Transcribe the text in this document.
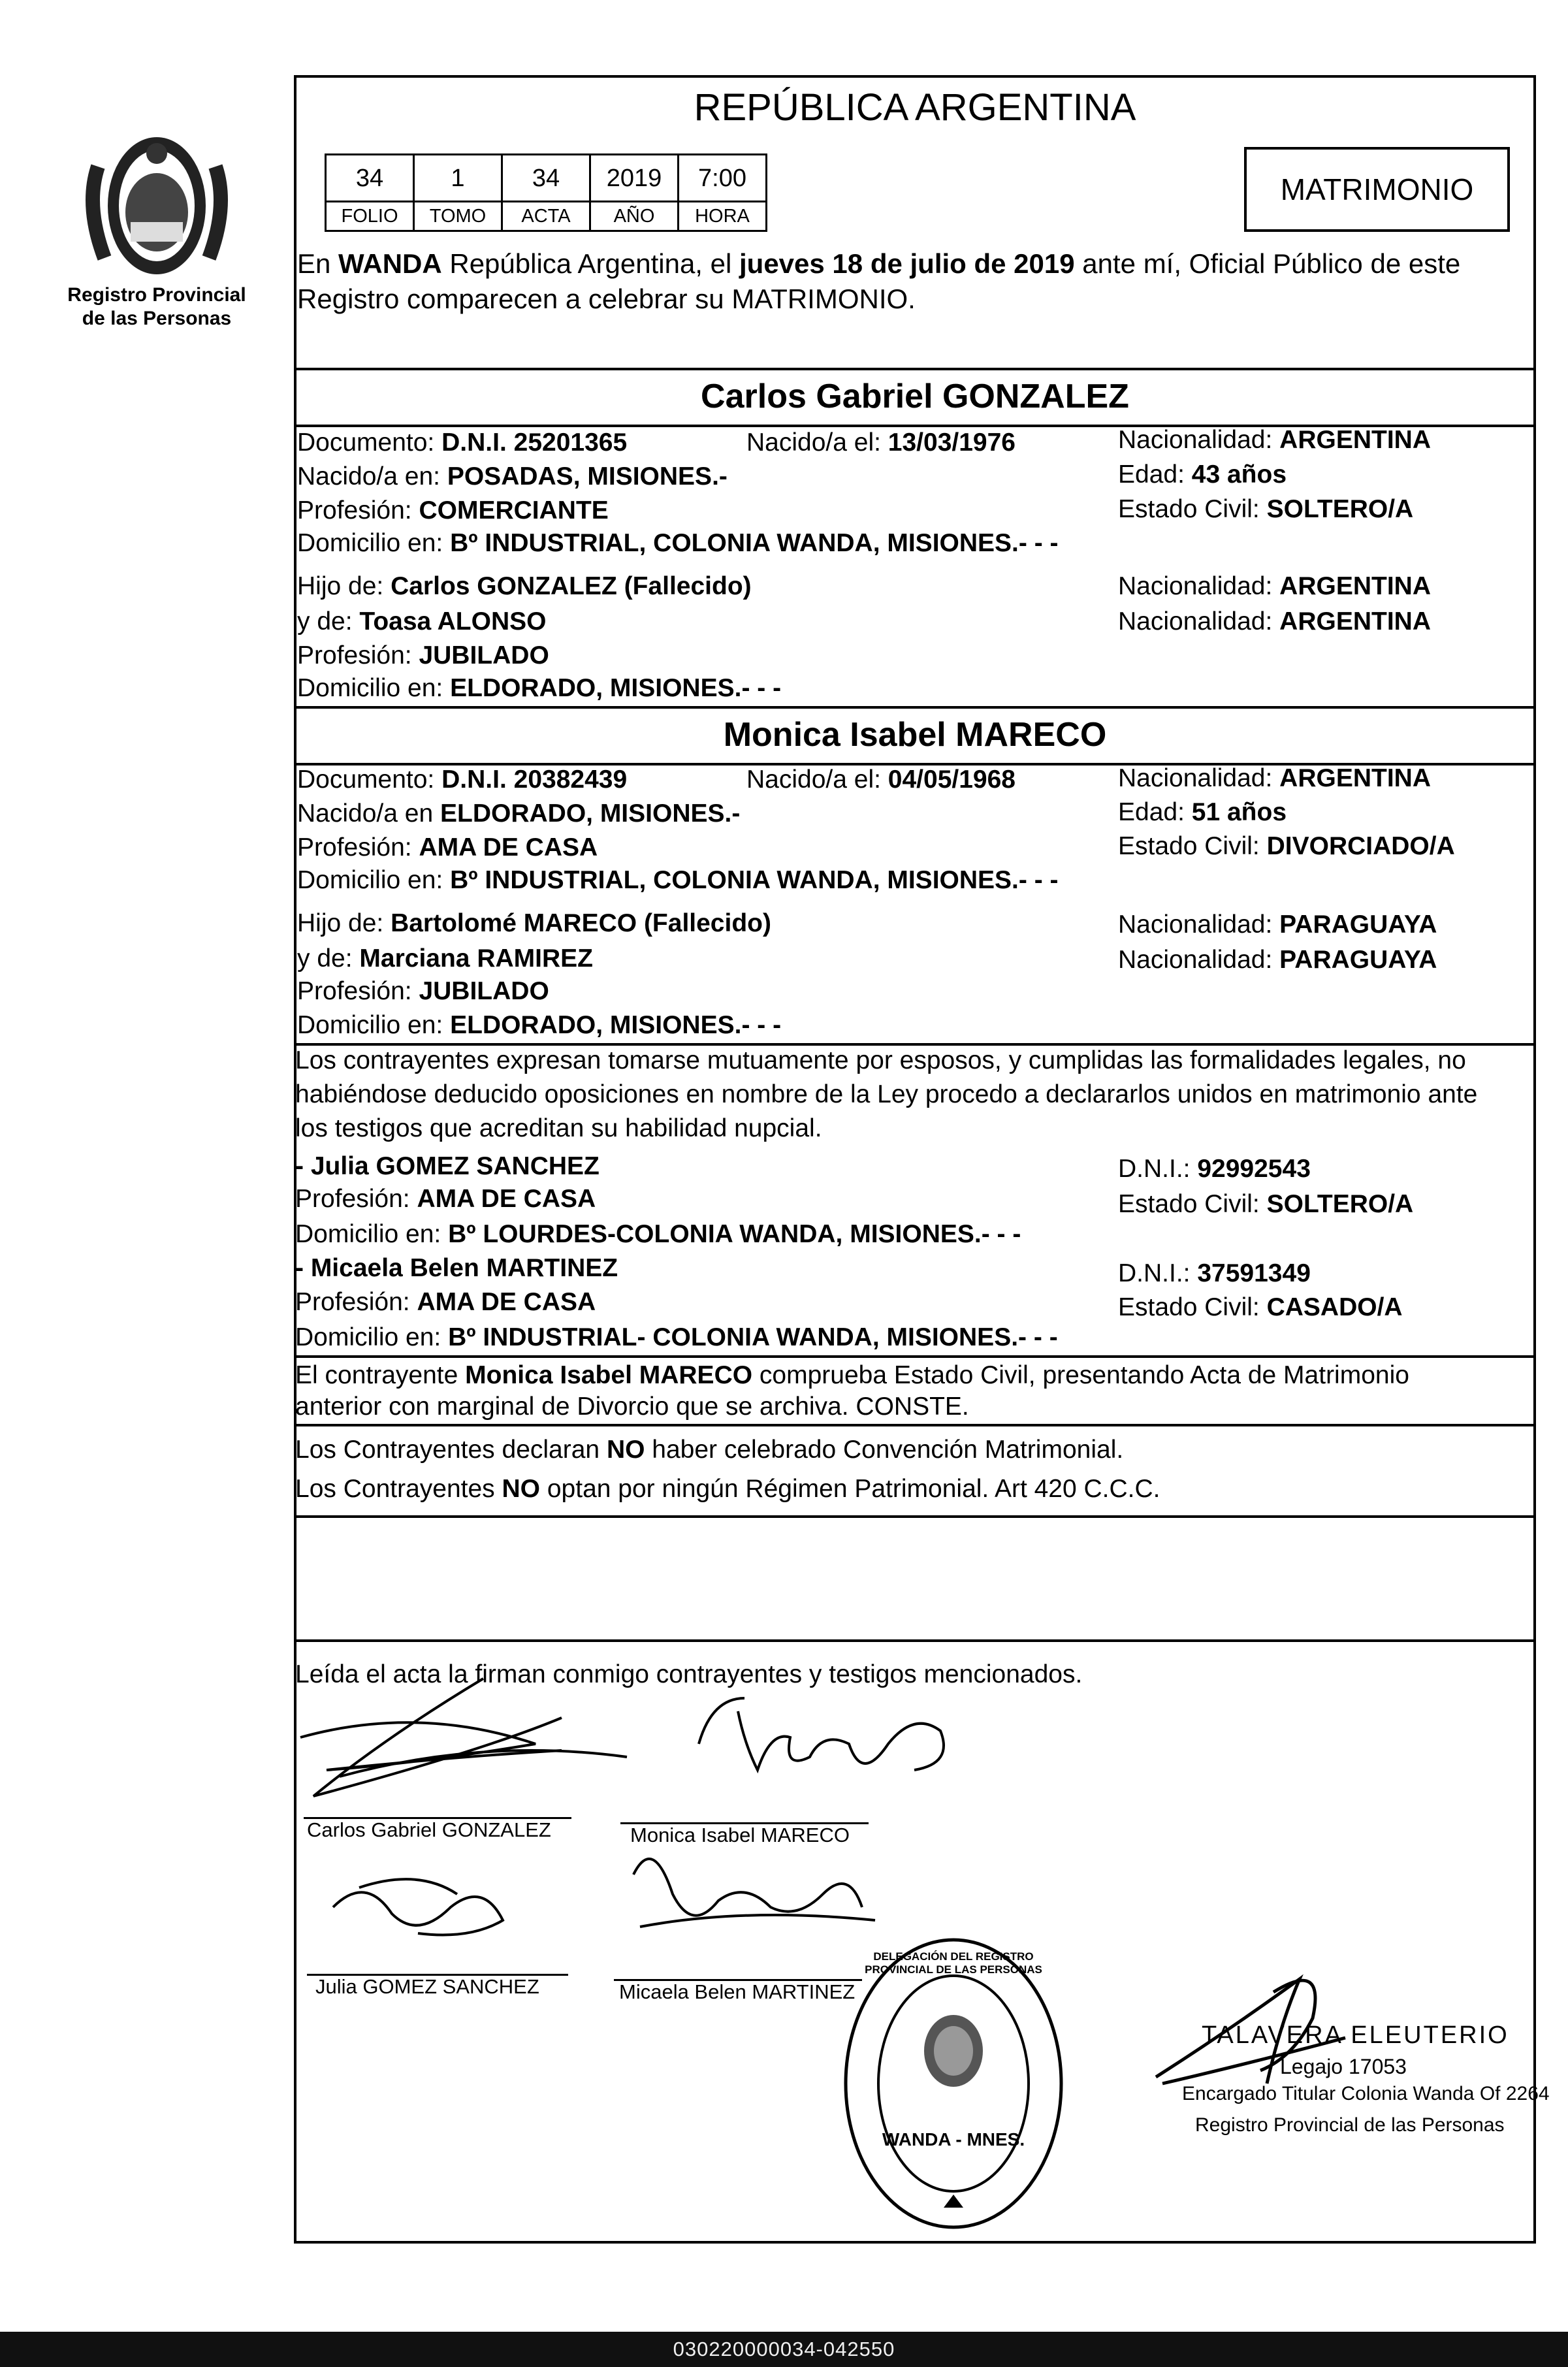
Registro Provincial
de las Personas
REPÚBLICA ARGENTINA
MATRIMONIO
34	1	34	2019	7:00
FOLIO	TOMO	ACTA	AÑO	HORA
En WANDA República Argentina, el jueves 18 de julio de 2019 ante mí, Oficial Público de este
Registro comparecen a celebrar su MATRIMONIO.
Carlos Gabriel GONZALEZ
Documento: D.N.I. 25201365	Nacido/a el: 13/03/1976	Nacionalidad: ARGENTINA
Nacido/a en: POSADAS, MISIONES.-	Edad: 43 años
Profesión: COMERCIANTE	Estado Civil: SOLTERO/A
Domicilio en: Bº INDUSTRIAL, COLONIA WANDA, MISIONES.- - -
Hijo de: Carlos GONZALEZ (Fallecido)	Nacionalidad: ARGENTINA
y de: Toasa ALONSO	Nacionalidad: ARGENTINA
Profesión: JUBILADO
Domicilio en: ELDORADO, MISIONES.- - -
Monica Isabel MARECO
Documento: D.N.I. 20382439	Nacido/a el: 04/05/1968	Nacionalidad: ARGENTINA
Nacido/a en ELDORADO, MISIONES.-	Edad: 51 años
Profesión: AMA DE CASA	Estado Civil: DIVORCIADO/A
Domicilio en: Bº INDUSTRIAL, COLONIA WANDA, MISIONES.- - -
Hijo de: Bartolomé MARECO (Fallecido)	Nacionalidad: PARAGUAYA
y de: Marciana RAMIREZ	Nacionalidad: PARAGUAYA
Profesión: JUBILADO
Domicilio en: ELDORADO, MISIONES.- - -
Los contrayentes expresan tomarse mutuamente por esposos, y cumplidas las formalidades legales, no
habiéndose deducido oposiciones en nombre de la Ley procedo a declararlos unidos en matrimonio ante
los testigos que acreditan su habilidad nupcial.
- Julia GOMEZ SANCHEZ	D.N.I.: 92992543
Profesión: AMA DE CASA	Estado Civil: SOLTERO/A
Domicilio en: Bº LOURDES-COLONIA WANDA, MISIONES.- - -
- Micaela Belen MARTINEZ	D.N.I.: 37591349
Profesión: AMA DE CASA	Estado Civil: CASADO/A
Domicilio en: Bº INDUSTRIAL- COLONIA WANDA, MISIONES.- - -
El contrayente Monica Isabel MARECO comprueba Estado Civil, presentando Acta de Matrimonio
anterior con marginal de Divorcio que se archiva. CONSTE.
Los Contrayentes declaran NO haber celebrado Convención Matrimonial.
Los Contrayentes NO optan por ningún Régimen Patrimonial. Art 420 C.C.C.
Leída el acta la firman conmigo contrayentes y testigos mencionados.
Carlos Gabriel GONZALEZ	Monica Isabel MARECO
Julia GOMEZ SANCHEZ	Micaela Belen MARTINEZ
DELEGACIÓN DEL REGISTRO PROVINCIAL DE LAS PERSONAS
WANDA - MNES.
TALAVERA ELEUTERIO
Legajo 17053
Encargado Titular Colonia Wanda Of 2264
Registro Provincial de las Personas
030220000034-042550
